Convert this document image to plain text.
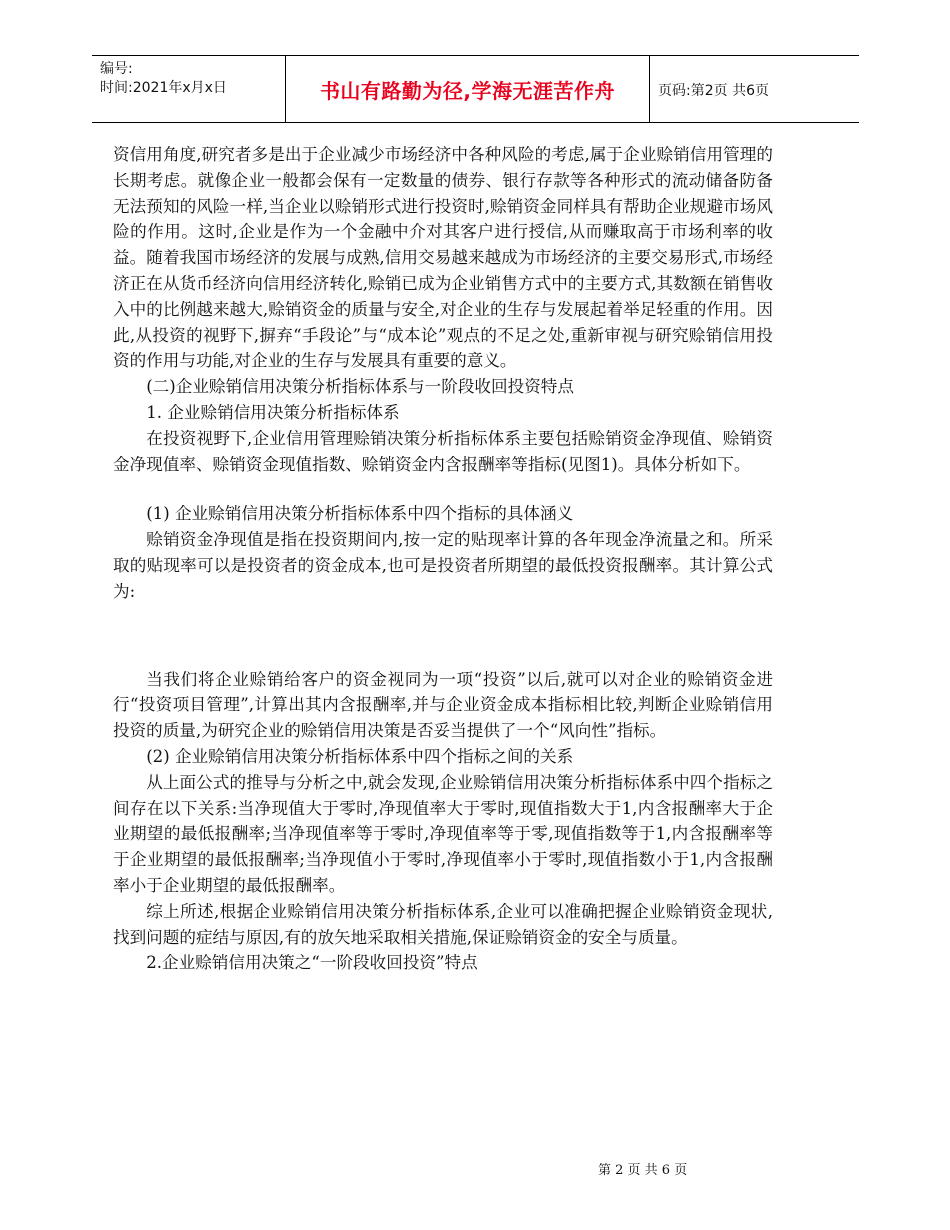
编号:
时间:2021年x月x日	书山有路勤为径,学海无涯苦作舟	页码:第2页 共6页

资信用角度,研究者多是出于企业减少市场经济中各种风险的考虑,属于企业赊销信用管理的长期考虑。就像企业一般都会保有一定数量的债券、银行存款等各种形式的流动储备防备无法预知的风险一样,当企业以赊销形式进行投资时,赊销资金同样具有帮助企业规避市场风险的作用。这时,企业是作为一个金融中介对其客户进行授信,从而赚取高于市场利率的收益。随着我国市场经济的发展与成熟,信用交易越来越成为市场经济的主要交易形式,市场经济正在从货币经济向信用经济转化,赊销已成为企业销售方式中的主要方式,其数额在销售收入中的比例越来越大,赊销资金的质量与安全,对企业的生存与发展起着举足轻重的作用。因此,从投资的视野下,摒弃“手段论”与“成本论”观点的不足之处,重新审视与研究赊销信用投资的作用与功能,对企业的生存与发展具有重要的意义。

(二)企业赊销信用决策分析指标体系与一阶段收回投资特点

1. 企业赊销信用决策分析指标体系

在投资视野下,企业信用管理赊销决策分析指标体系主要包括赊销资金净现值、赊销资金净现值率、赊销资金现值指数、赊销资金内含报酬率等指标(见图1)。具体分析如下。

(1) 企业赊销信用决策分析指标体系中四个指标的具体涵义

赊销资金净现值是指在投资期间内,按一定的贴现率计算的各年现金净流量之和。所采取的贴现率可以是投资者的资金成本,也可是投资者所期望的最低投资报酬率。其计算公式为:

当我们将企业赊销给客户的资金视同为一项“投资”以后,就可以对企业的赊销资金进行“投资项目管理”,计算出其内含报酬率,并与企业资金成本指标相比较,判断企业赊销信用投资的质量,为研究企业的赊销信用决策是否妥当提供了一个“风向性”指标。

(2) 企业赊销信用决策分析指标体系中四个指标之间的关系

从上面公式的推导与分析之中,就会发现,企业赊销信用决策分析指标体系中四个指标之间存在以下关系:当净现值大于零时,净现值率大于零时,现值指数大于1,内含报酬率大于企业期望的最低报酬率;当净现值率等于零时,净现值率等于零,现值指数等于1,内含报酬率等于企业期望的最低报酬率;当净现值小于零时,净现值率小于零时,现值指数小于1,内含报酬率小于企业期望的最低报酬率。

综上所述,根据企业赊销信用决策分析指标体系,企业可以准确把握企业赊销资金现状,找到问题的症结与原因,有的放矢地采取相关措施,保证赊销资金的安全与质量。

2.企业赊销信用决策之“一阶段收回投资”特点

第 2 页 共 6 页
